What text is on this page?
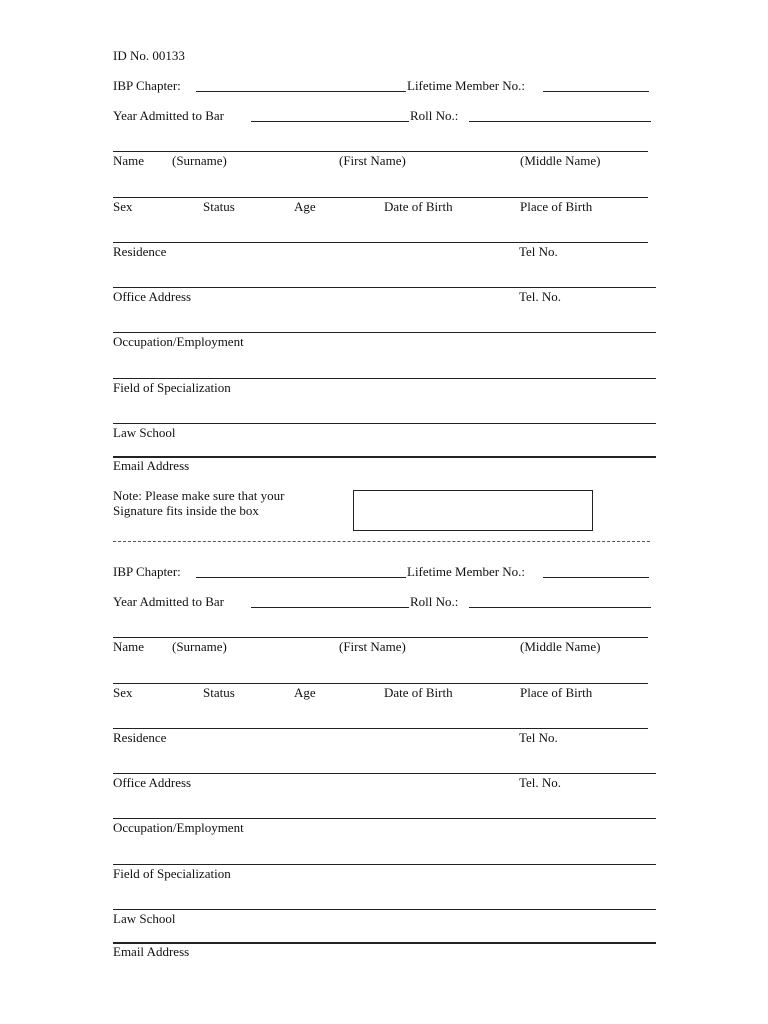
ID No. 00133
IBP Chapter:	Lifetime Member No.:
Year Admitted to Bar	Roll No.:
Name (Surname)	(First Name)	(Middle Name)
Sex	Status	Age	Date of Birth	Place of Birth
Residence	Tel No.
Office Address	Tel. No.
Occupation/Employment
Field of Specialization
Law School
Email Address
Note: Please make sure that your
Signature fits inside the box
IBP Chapter:	Lifetime Member No.:
Year Admitted to Bar	Roll No.:
Name (Surname)	(First Name)	(Middle Name)
Sex	Status	Age	Date of Birth	Place of Birth
Residence	Tel No.
Office Address	Tel. No.
Occupation/Employment
Field of Specialization
Law School
Email Address
